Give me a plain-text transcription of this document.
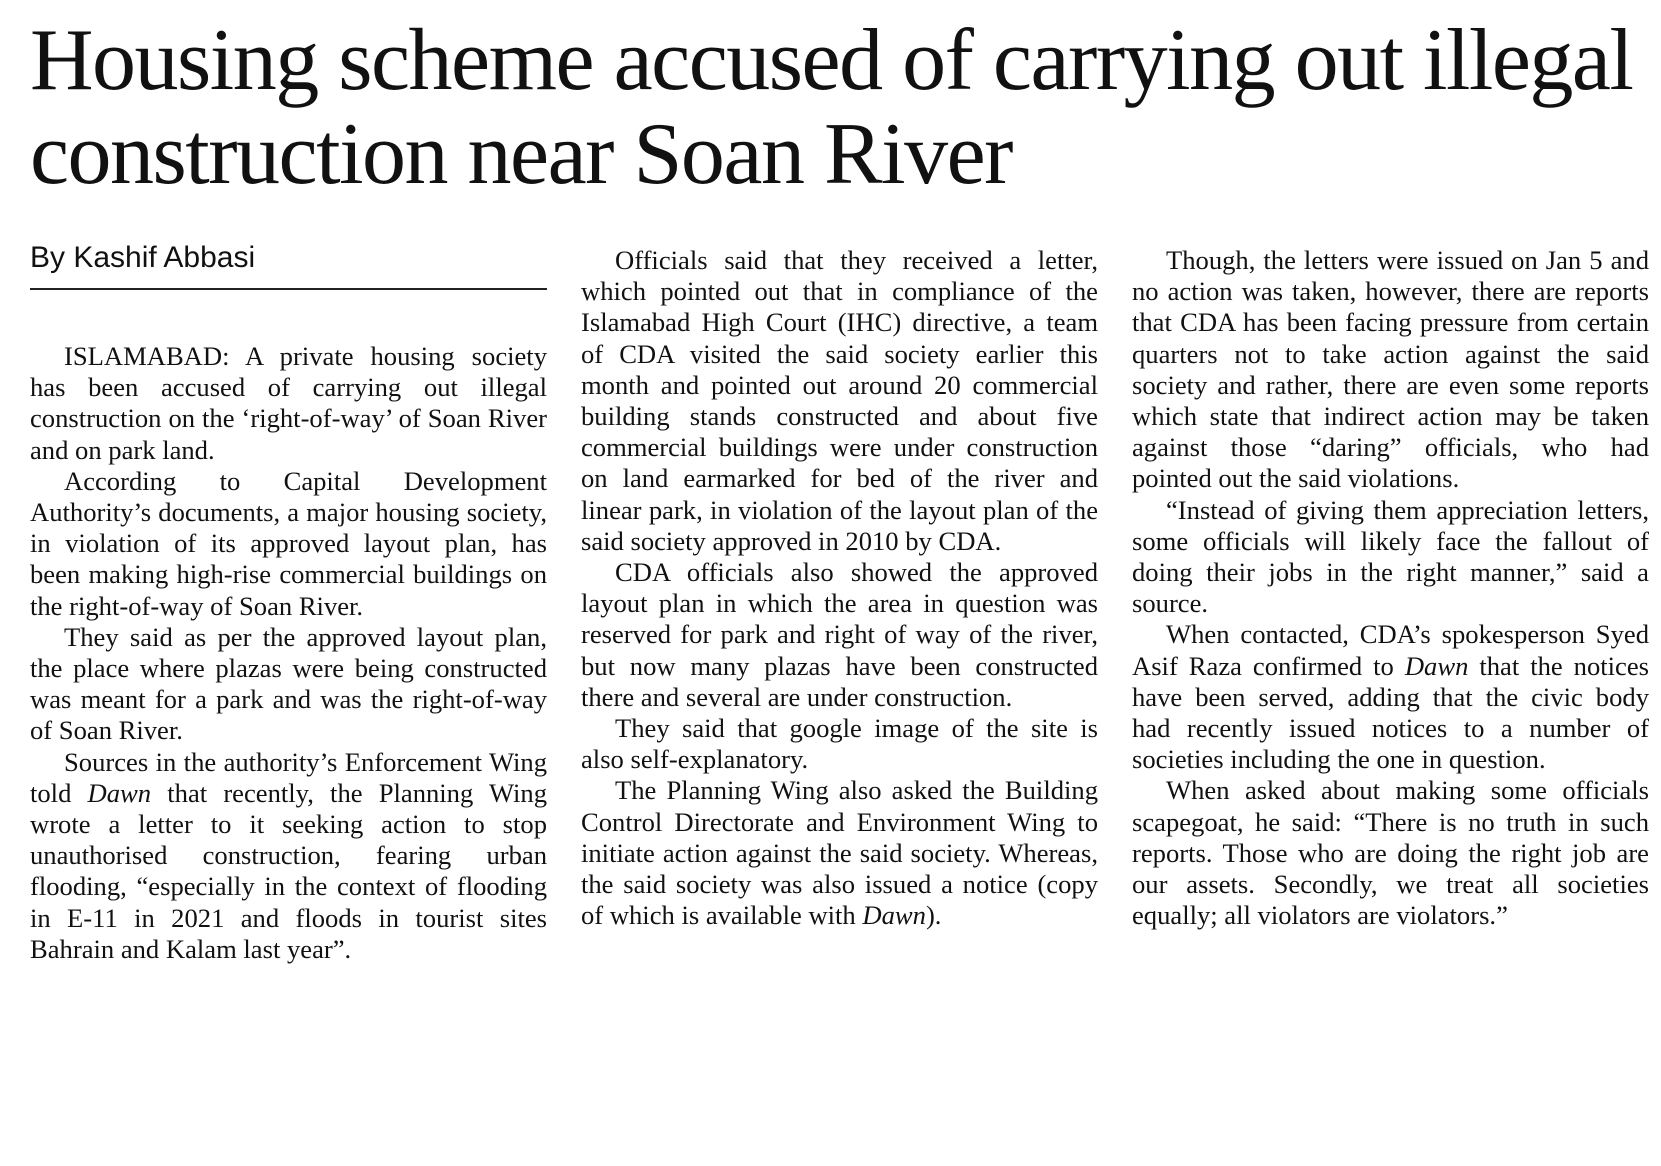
Housing scheme accused of carrying out illegal construction near Soan River
By Kashif Abbasi

ISLAMABAD: A private housing society has been accused of carrying out illegal construction on the ‘right-of-way’ of Soan River and on park land.

According to Capital Development Authority’s documents, a major housing society, in violation of its approved layout plan, has been making high-rise commercial buildings on the right-of-way of Soan River.

They said as per the approved layout plan, the place where plazas were being constructed was meant for a park and was the right-of-way of Soan River.

Sources in the authority’s Enforcement Wing told Dawn that recently, the Planning Wing wrote a letter to it seeking action to stop unauthorised construction, fearing urban flooding, “especially in the context of flooding in E-11 in 2021 and floods in tourist sites Bahrain and Kalam last year”.

Officials said that they received a letter, which pointed out that in compliance of the Islamabad High Court (IHC) directive, a team of CDA visited the said society earlier this month and pointed out around 20 commercial building stands constructed and about five commercial buildings were under construction on land earmarked for bed of the river and linear park, in violation of the layout plan of the said society approved in 2010 by CDA.

CDA officials also showed the approved layout plan in which the area in question was reserved for park and right of way of the river, but now many plazas have been constructed there and several are under construction.

They said that google image of the site is also self-explanatory.

The Planning Wing also asked the Building Control Directorate and Environment Wing to initiate action against the said society. Whereas, the said society was also issued a notice (copy of which is available with Dawn).

Though, the letters were issued on Jan 5 and no action was taken, however, there are reports that CDA has been facing pressure from certain quarters not to take action against the said society and rather, there are even some reports which state that indirect action may be taken against those “daring” officials, who had pointed out the said violations.

“Instead of giving them appreciation letters, some officials will likely face the fallout of doing their jobs in the right manner,” said a source.

When contacted, CDA’s spokesperson Syed Asif Raza confirmed to Dawn that the notices have been served, adding that the civic body had recently issued notices to a number of societies including the one in question.

When asked about making some officials scapegoat, he said: “There is no truth in such reports. Those who are doing the right job are our assets. Secondly, we treat all societies equally; all violators are violators.”
